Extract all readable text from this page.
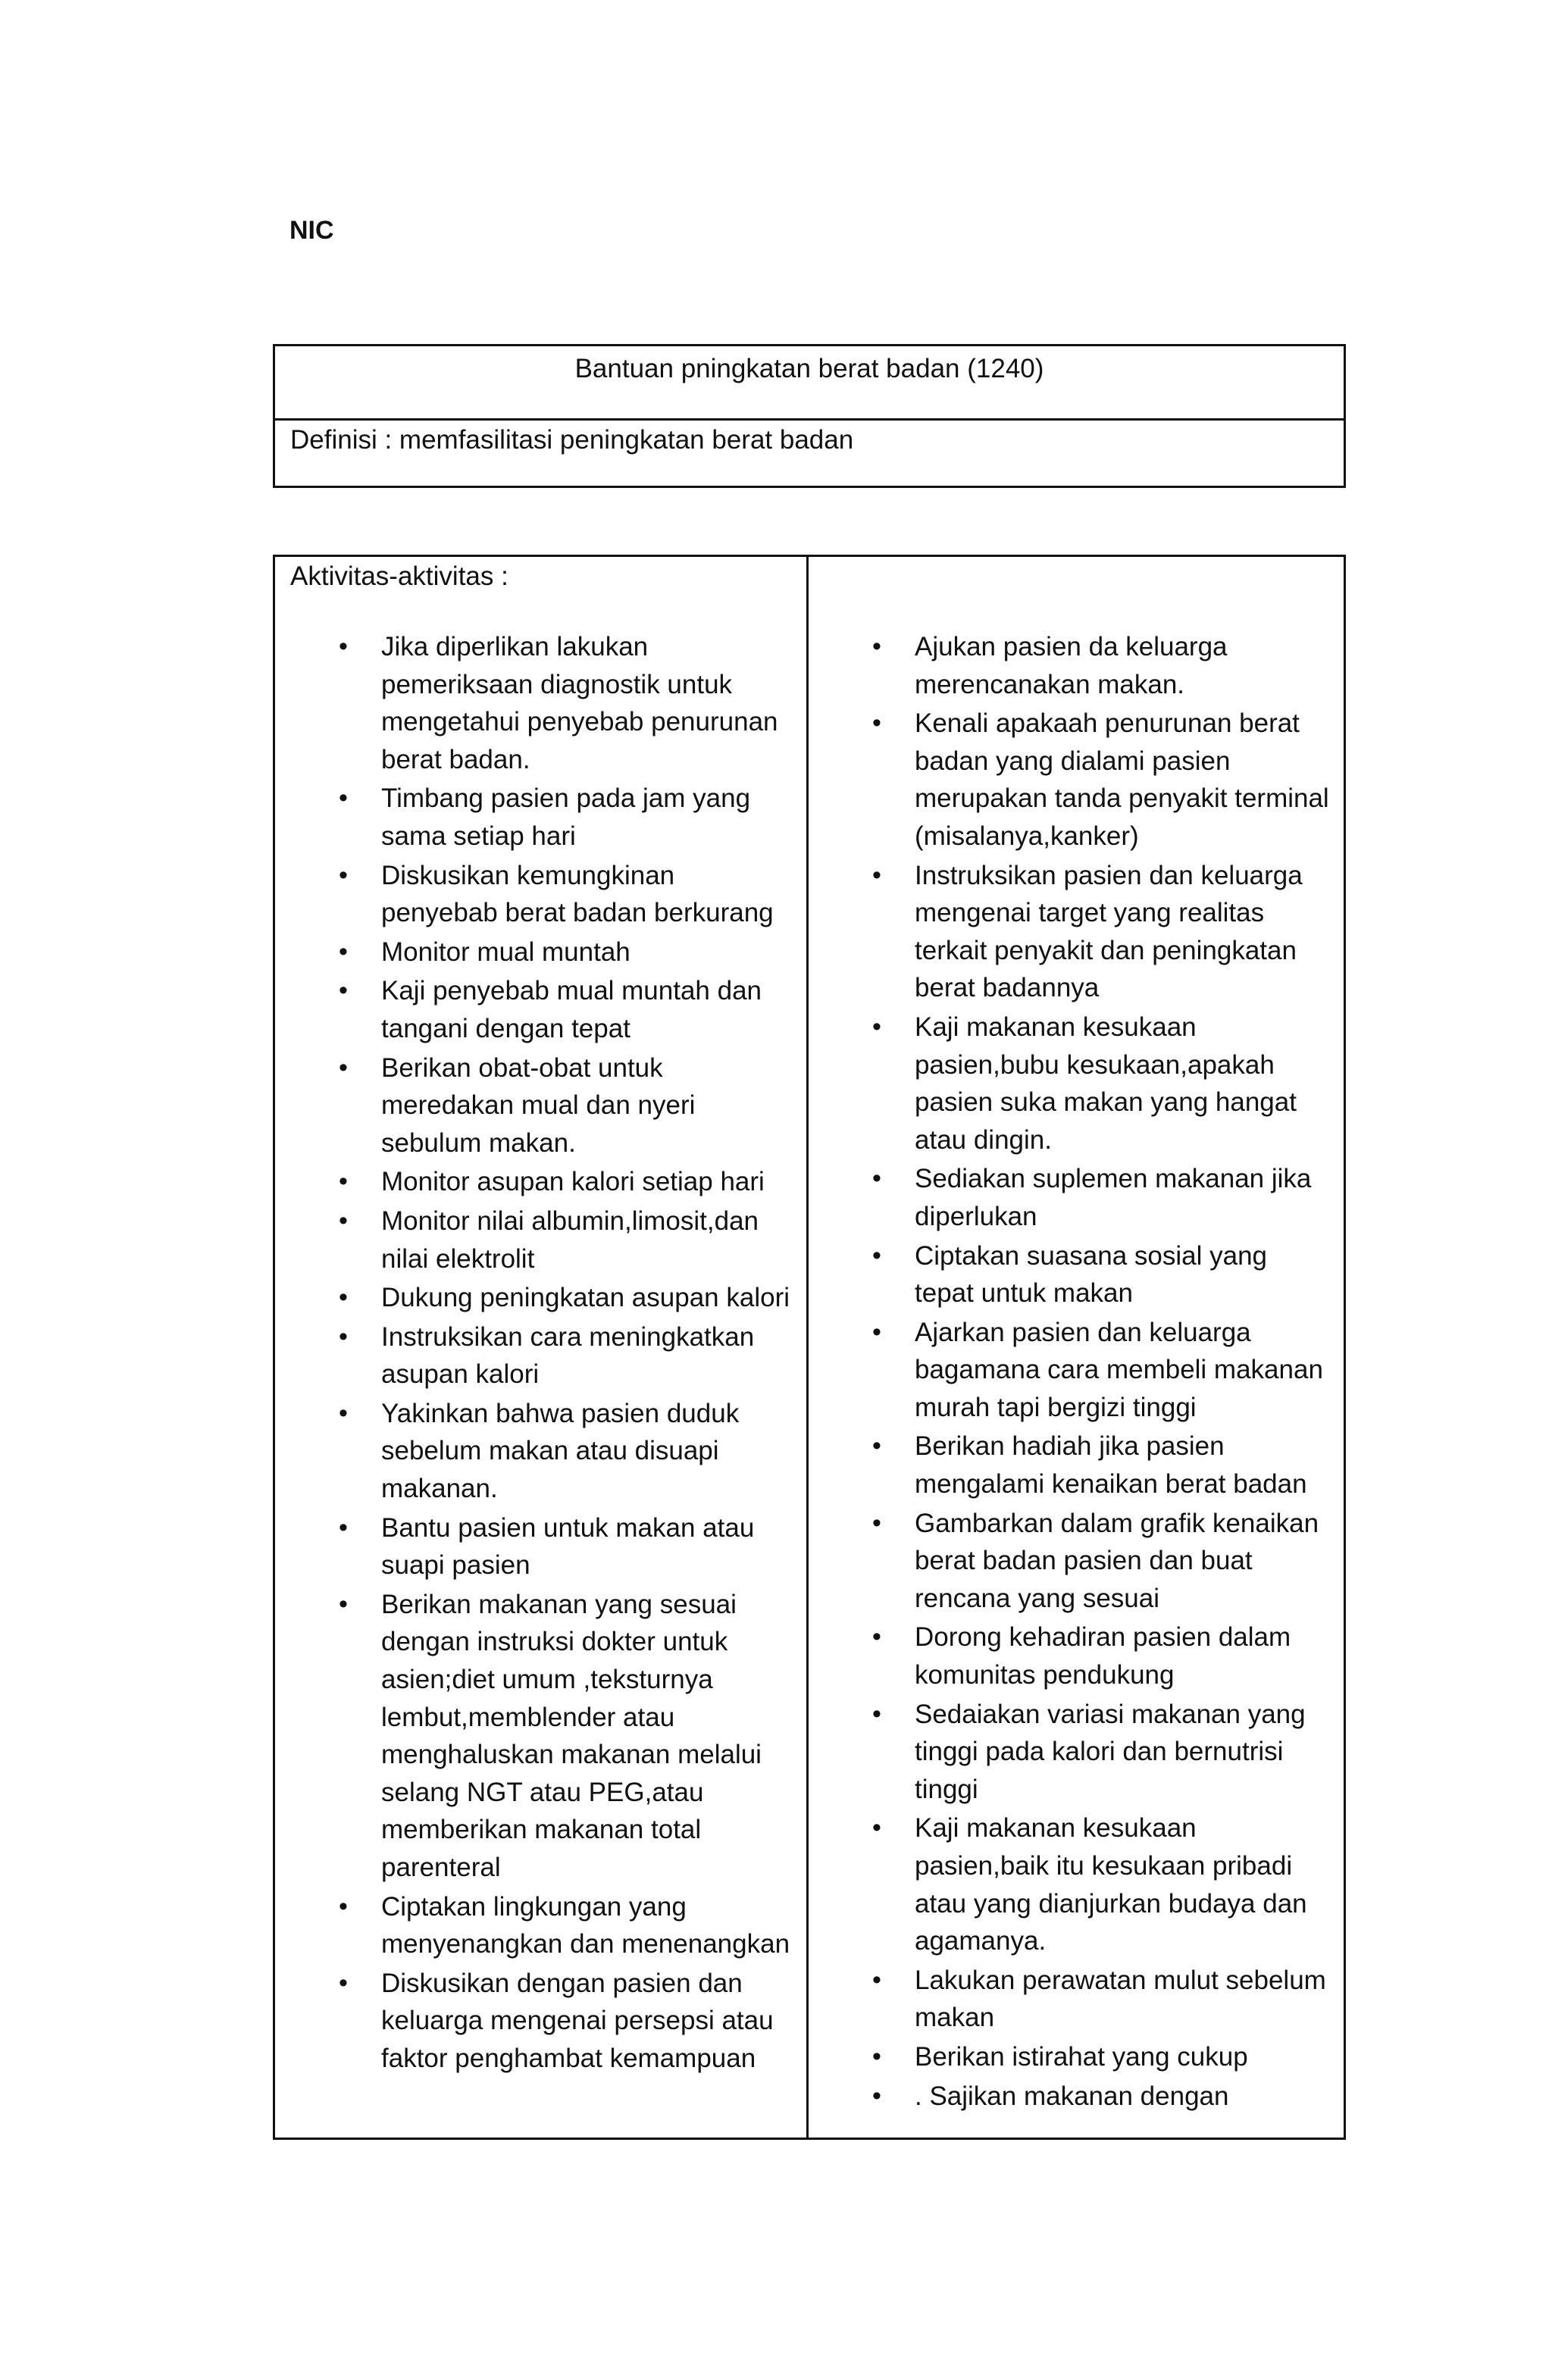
NIC
Bantuan pningkatan berat badan (1240)
Definisi : memfasilitasi peningkatan berat badan
Aktivitas-aktivitas :
• Jika diperlikan lakukan pemeriksaan diagnostik untuk mengetahui penyebab penurunan berat badan.
• Timbang pasien pada jam yang sama setiap hari
• Diskusikan kemungkinan penyebab berat badan berkurang
• Monitor mual muntah
• Kaji penyebab mual muntah dan tangani dengan tepat
• Berikan obat-obat untuk meredakan mual dan nyeri sebulum makan.
• Monitor asupan kalori setiap hari
• Monitor nilai albumin,limosit,dan nilai elektrolit
• Dukung peningkatan asupan kalori
• Instruksikan cara meningkatkan asupan kalori
• Yakinkan bahwa pasien duduk sebelum makan atau disuapi makanan.
• Bantu pasien untuk makan atau suapi pasien
• Berikan makanan yang sesuai dengan instruksi dokter untuk asien;diet umum ,teksturnya lembut,memblender atau menghaluskan makanan melalui selang NGT atau PEG,atau memberikan makanan total parenteral
• Ciptakan lingkungan yang menyenangkan dan menenangkan
• Diskusikan dengan pasien dan keluarga mengenai persepsi atau faktor penghambat kemampuan
• Ajukan pasien da keluarga merencanakan makan.
• Kenali apakaah penurunan berat badan yang dialami pasien merupakan tanda penyakit terminal (misalanya,kanker)
• Instruksikan pasien dan keluarga mengenai target yang realitas terkait penyakit dan peningkatan berat badannya
• Kaji makanan kesukaan pasien,bubu kesukaan,apakah pasien suka makan yang hangat atau dingin.
• Sediakan suplemen makanan jika diperlukan
• Ciptakan suasana sosial yang tepat untuk makan
• Ajarkan pasien dan keluarga bagamana cara membeli makanan murah tapi bergizi tinggi
• Berikan hadiah jika pasien mengalami kenaikan berat badan
• Gambarkan dalam grafik kenaikan berat badan pasien dan buat rencana yang sesuai
• Dorong kehadiran pasien dalam komunitas pendukung
• Sedaiakan variasi makanan yang tinggi pada kalori dan bernutrisi tinggi
• Kaji makanan kesukaan pasien,baik itu kesukaan pribadi atau yang dianjurkan budaya dan agamanya.
• Lakukan perawatan mulut sebelum makan
• Berikan istirahat yang cukup
• . Sajikan makanan dengan
